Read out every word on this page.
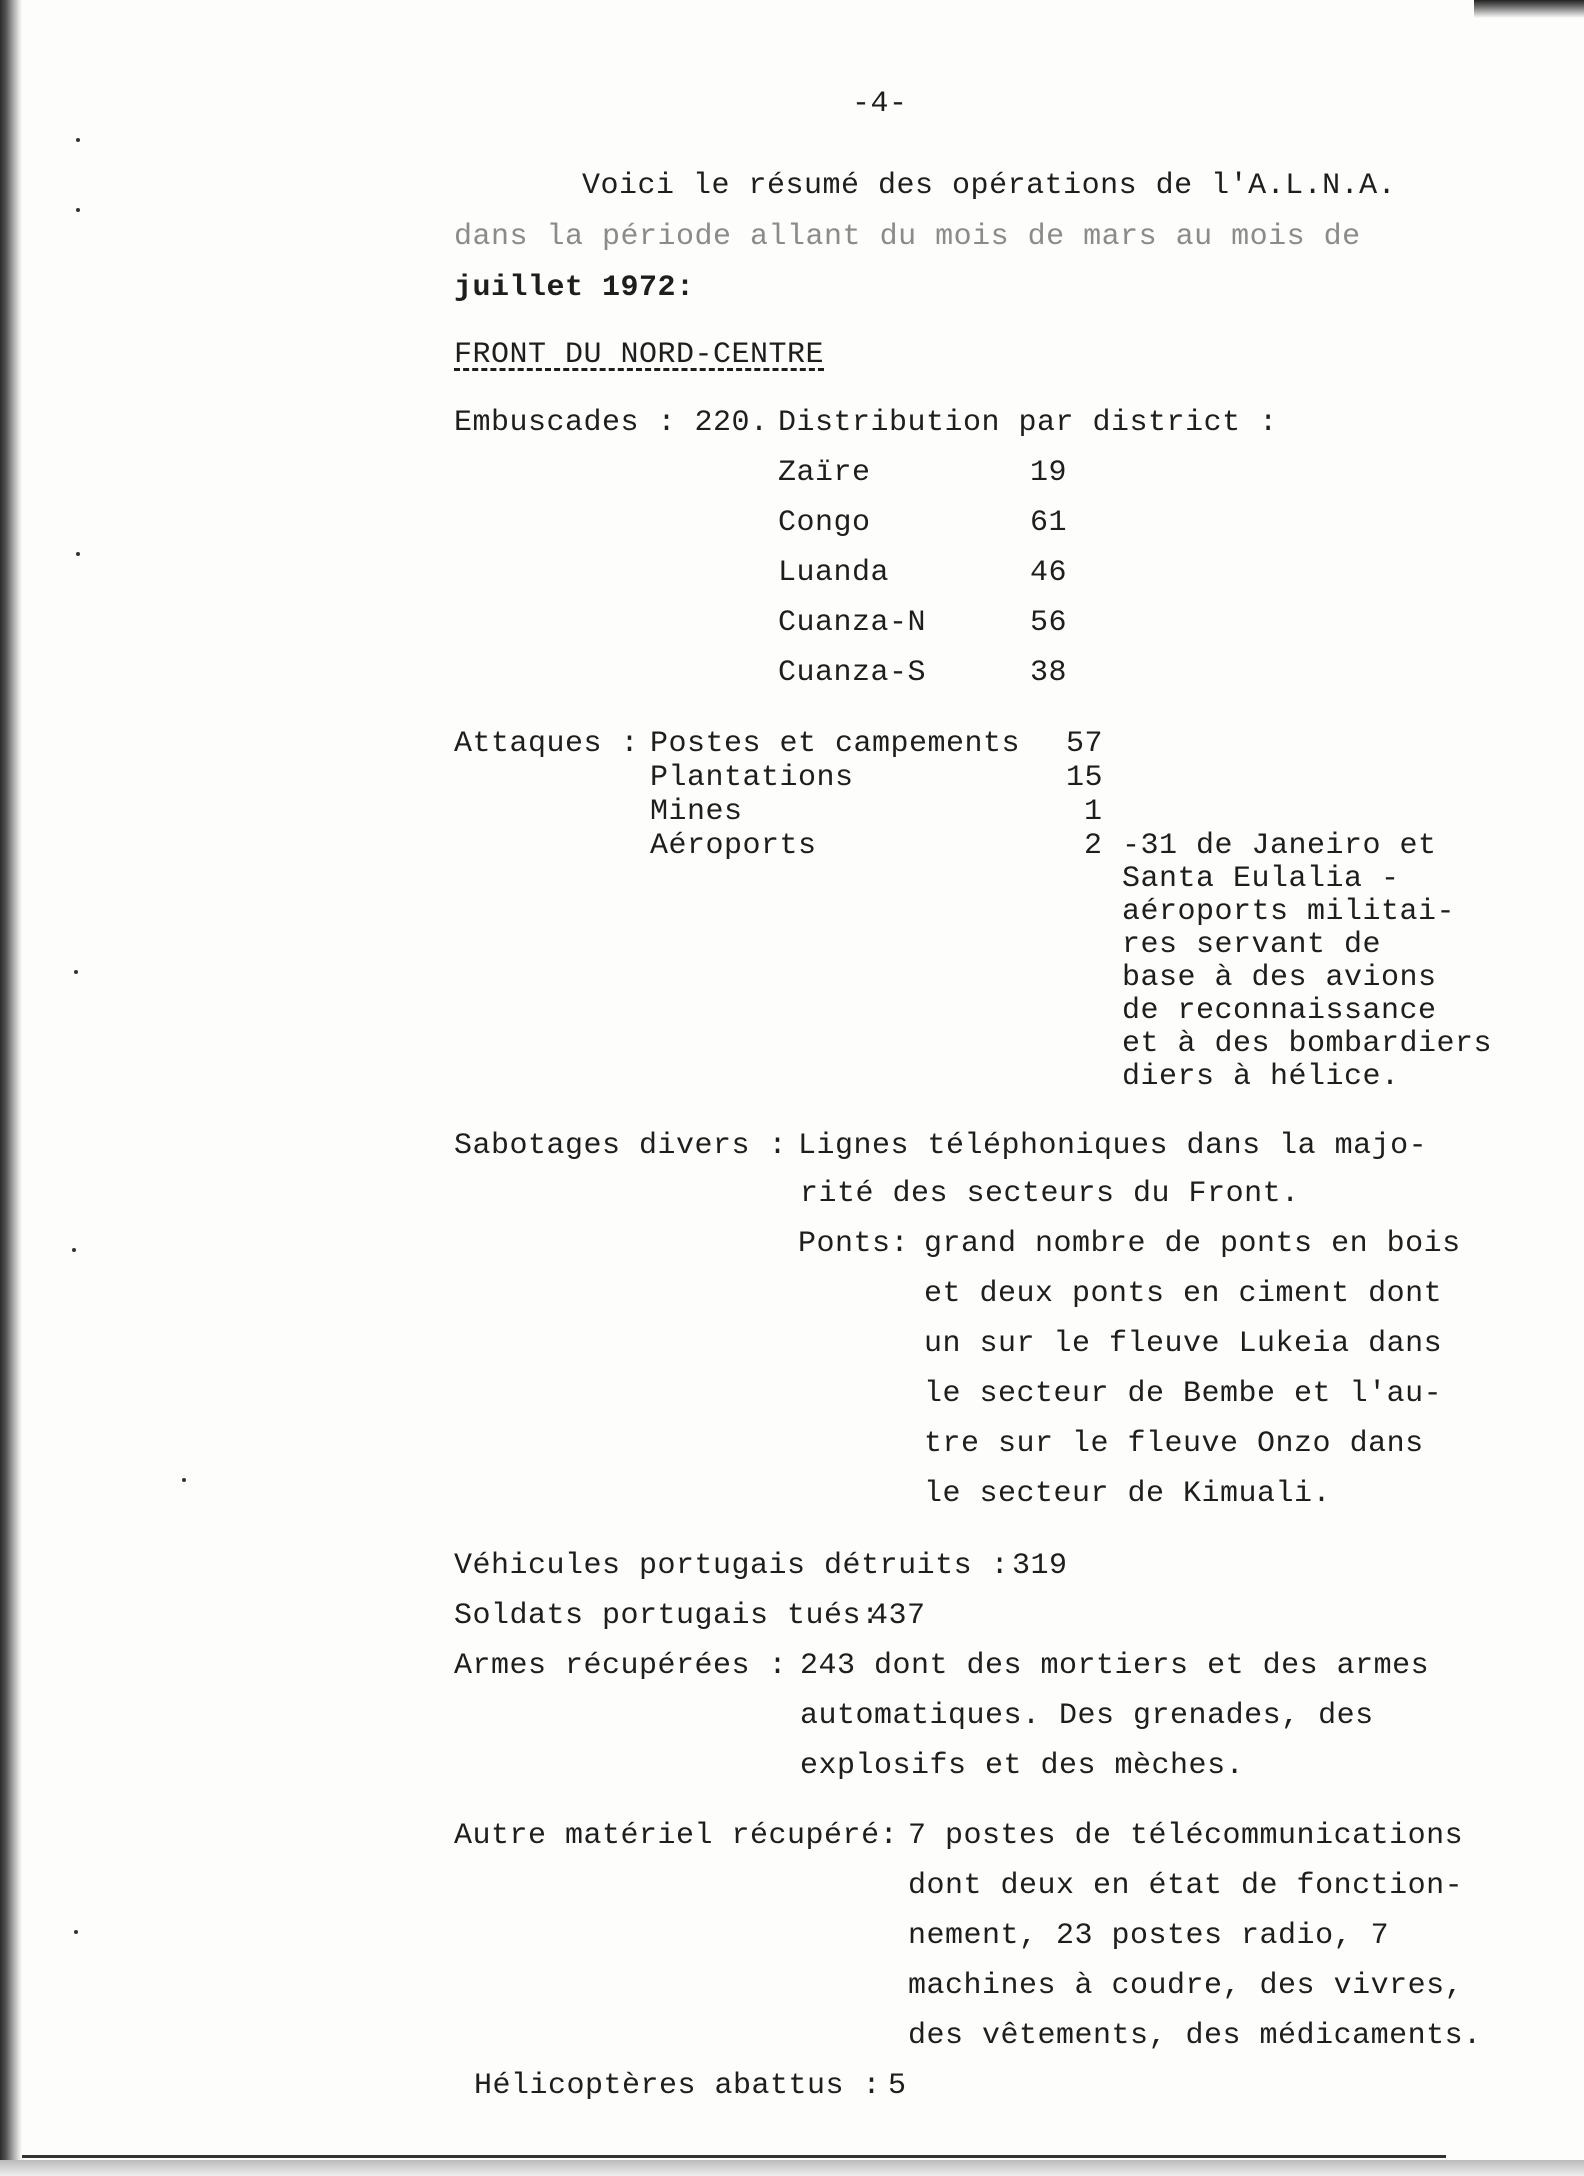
-4-
Voici le résumé des opérations de l'A.L.N.A.
dans la période allant du mois de mars au mois de
juillet 1972:
FRONT DU NORD-CENTRE
Embuscades : 220. Distribution par district :
Zaïre	19
Congo	61
Luanda	46
Cuanza-N	56
Cuanza-S	38
Attaques : Postes et campements 57
Plantations	15
Mines	1
Aéroports	2 -31 de Janeiro et
Santa Eulalia -
aéroports militai-
res servant de
base à des avions
de reconnaissance
et à des bombardiers
diers à hélice.
Sabotages divers : Lignes téléphoniques dans la majo-
rité des secteurs du Front.
Ponts: grand nombre de ponts en bois
et deux ponts en ciment dont
un sur le fleuve Lukeia dans
le secteur de Bembe et l'au-
tre sur le fleuve Onzo dans
le secteur de Kimuali.
Véhicules portugais détruits : 319
Soldats portugais tués:
437
Armes récupérées : 243 dont des mortiers et des armes
automatiques. Des grenades, des
explosifs et des mèches.
Autre matériel récupéré: 7 postes de télécommunications
dont deux en état de fonction-
nement, 23 postes radio, 7
machines à coudre, des vivres,
des vêtements, des médicaments.
Hélicoptères abattus : 5
